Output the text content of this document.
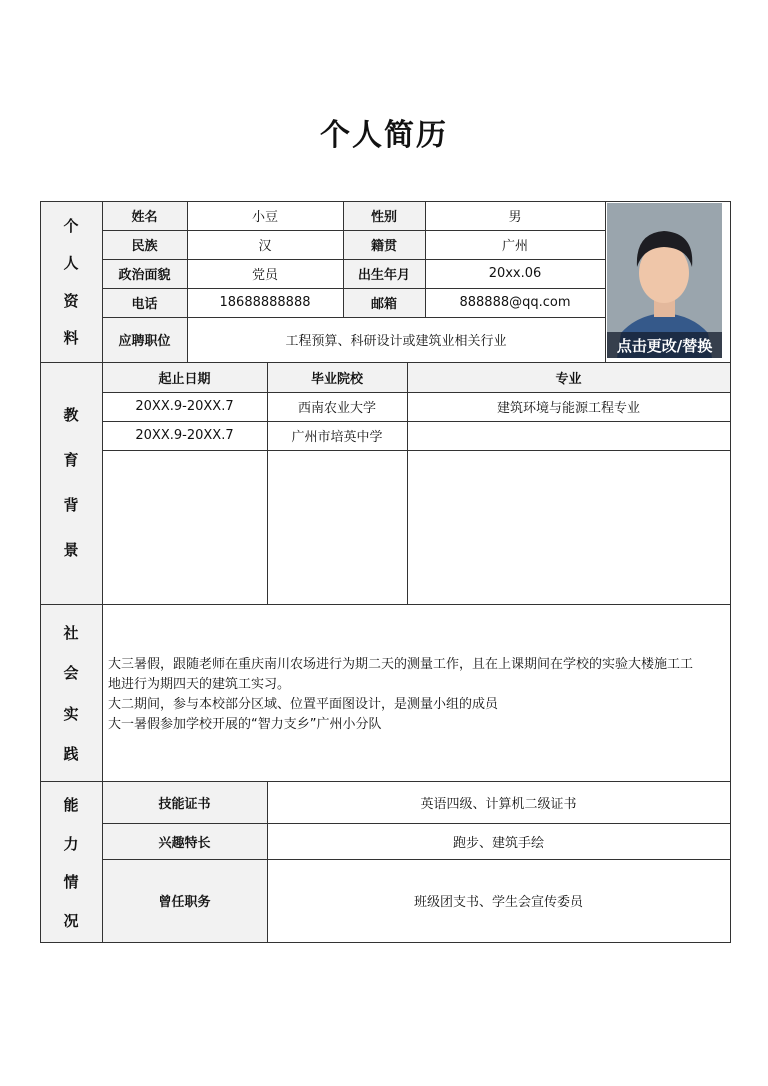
个人简历
点击更改/替换
个
人
资
料
教
育
背
景
社
会
实
践
能
力
情
况
姓名	小豆	性别	男
民族	汉	籍贯	广州
政治面貌	党员	出生年月	20xx.06
电话	18688888888	邮箱	888888@qq.com
应聘职位	工程预算、科研设计或建筑业相关行业
起止日期	毕业院校	专业
20XX.9-20XX.7	西南农业大学	建筑环境与能源工程专业
20XX.9-20XX.7	广州市培英中学
大三暑假，跟随老师在重庆南川农场进行为期二天的测量工作，且在上课期间在学校的实验大楼施工工
地进行为期四天的建筑工实习。
大二期间，参与本校部分区域、位置平面图设计，是测量小组的成员
大一暑假参加学校开展的“智力支乡”广州小分队
技能证书	英语四级、计算机二级证书
兴趣特长	跑步、建筑手绘
曾任职务	班级团支书、学生会宣传委员
